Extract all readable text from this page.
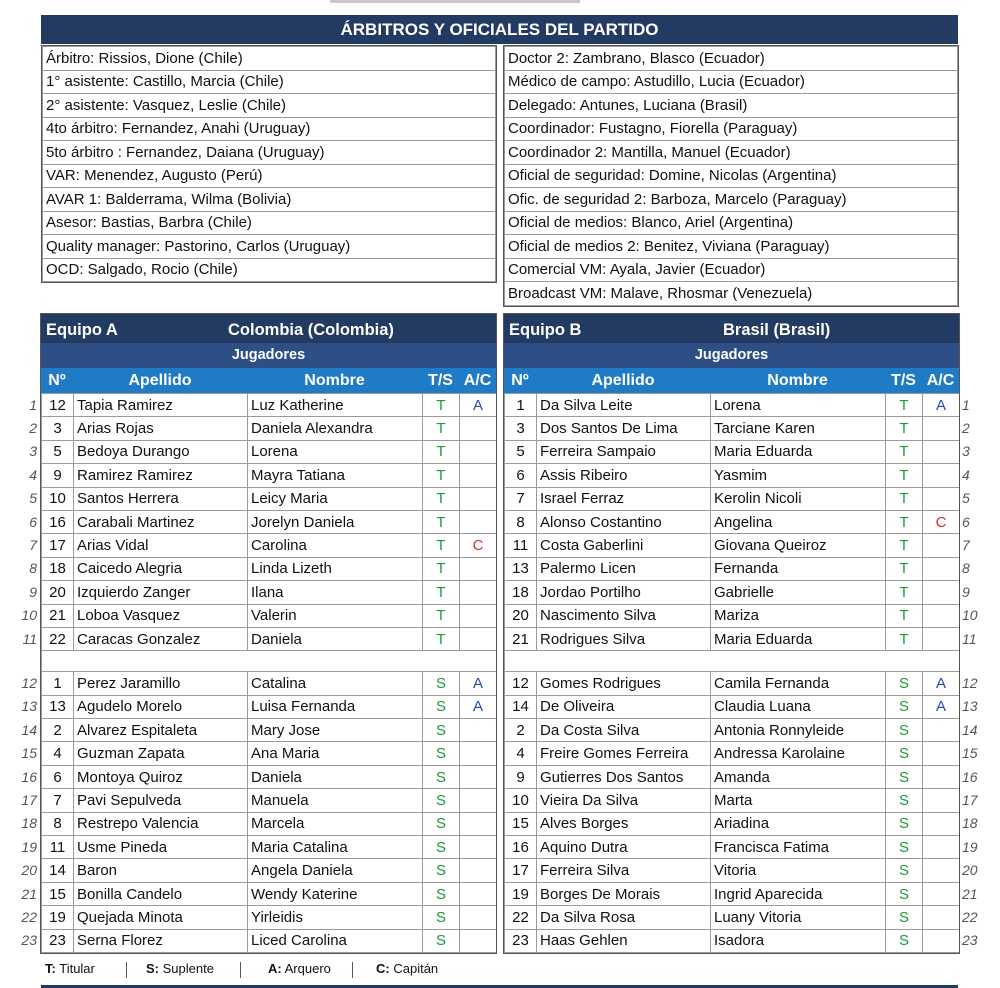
ÁRBITROS Y OFICIALES DEL PARTIDO
Árbitro: Rissios, Dione (Chile)
1° asistente: Castillo, Marcia (Chile)
2° asistente: Vasquez, Leslie (Chile)
4to árbitro: Fernandez, Anahi (Uruguay)
5to árbitro : Fernandez, Daiana (Uruguay)
VAR: Menendez, Augusto (Perú)
AVAR 1: Balderrama, Wilma (Bolivia)
Asesor: Bastias, Barbra (Chile)
Quality manager: Pastorino, Carlos (Uruguay)
OCD: Salgado, Rocio (Chile)
Doctor 2: Zambrano, Blasco (Ecuador)
Médico de campo: Astudillo, Lucia (Ecuador)
Delegado: Antunes, Luciana (Brasil)
Coordinador: Fustagno, Fiorella (Paraguay)
Coordinador 2: Mantilla, Manuel (Ecuador)
Oficial de seguridad: Domine, Nicolas (Argentina)
Ofic. de seguridad 2: Barboza, Marcelo (Paraguay)
Oficial de medios: Blanco, Ariel (Argentina)
Oficial de medios 2: Benitez, Viviana (Paraguay)
Comercial VM: Ayala, Javier (Ecuador)
Broadcast VM: Malave, Rhosmar (Venezuela)
Equipo A	Colombia (Colombia)
Jugadores
Nº	Apellido	Nombre	T/S A/C
12	Tapia Ramirez	Luz Katherine	T	A
3	Arias Rojas	Daniela Alexandra	T	
5	Bedoya Durango	Lorena	T	
9	Ramirez Ramirez	Mayra Tatiana	T	
10	Santos Herrera	Leicy Maria	T	
16	Carabali Martinez	Jorelyn Daniela	T	
17	Arias Vidal	Carolina	T	C
18	Caicedo Alegria	Linda Lizeth	T	
20	Izquierdo Zanger	Ilana	T	
21	Loboa Vasquez	Valerin	T	
22	Caracas Gonzalez	Daniela	T	

1	Perez Jaramillo	Catalina	S	A
13	Agudelo Morelo	Luisa Fernanda	S	A
2	Alvarez Espitaleta	Mary Jose	S	
4	Guzman Zapata	Ana Maria	S	
6	Montoya Quiroz	Daniela	S	
7	Pavi Sepulveda	Manuela	S	
8	Restrepo Valencia	Marcela	S	
11	Usme Pineda	Maria Catalina	S	
14	Baron	Angela Daniela	S	
15	Bonilla Candelo	Wendy Katerine	S	
19	Quejada Minota	Yirleidis	S	
23	Serna Florez	Liced Carolina	S	
Equipo B	Brasil (Brasil)
Jugadores
Nº	Apellido	Nombre	T/S A/C
1	Da Silva Leite	Lorena	T	A
3	Dos Santos De Lima	Tarciane Karen	T	
5	Ferreira Sampaio	Maria Eduarda	T	
6	Assis Ribeiro	Yasmim	T	
7	Israel Ferraz	Kerolin Nicoli	T	
8	Alonso Costantino	Angelina	T	C
11	Costa Gaberlini	Giovana Queiroz	T	
13	Palermo Licen	Fernanda	T	
18	Jordao Portilho	Gabrielle	T	
20	Nascimento Silva	Mariza	T	
21	Rodrigues Silva	Maria Eduarda	T	

12	Gomes Rodrigues	Camila Fernanda	S	A
14	De Oliveira	Claudia Luana	S	A
2	Da Costa Silva	Antonia Ronnyleide	S	
4	Freire Gomes Ferreira	Andressa Karolaine	S	
9	Gutierres Dos Santos	Amanda	S	
10	Vieira Da Silva	Marta	S	
15	Alves Borges	Ariadina	S	
16	Aquino Dutra	Francisca Fatima	S	
17	Ferreira Silva	Vitoria	S	
19	Borges De Morais	Ingrid Aparecida	S	
22	Da Silva Rosa	Luany Vitoria	S	
23	Haas Gehlen	Isadora	S	
1
2
3
4
5
6
7
8
9
10
11
12
13
14
15
16
17
18
19
20
21
22
23
1
2
3
4
5
6
7
8
9
10
11
12
13
14
15
16
17
18
19
20
21
22
23
T: Titular	S: Suplente	A: Arquero	C: Capitán
